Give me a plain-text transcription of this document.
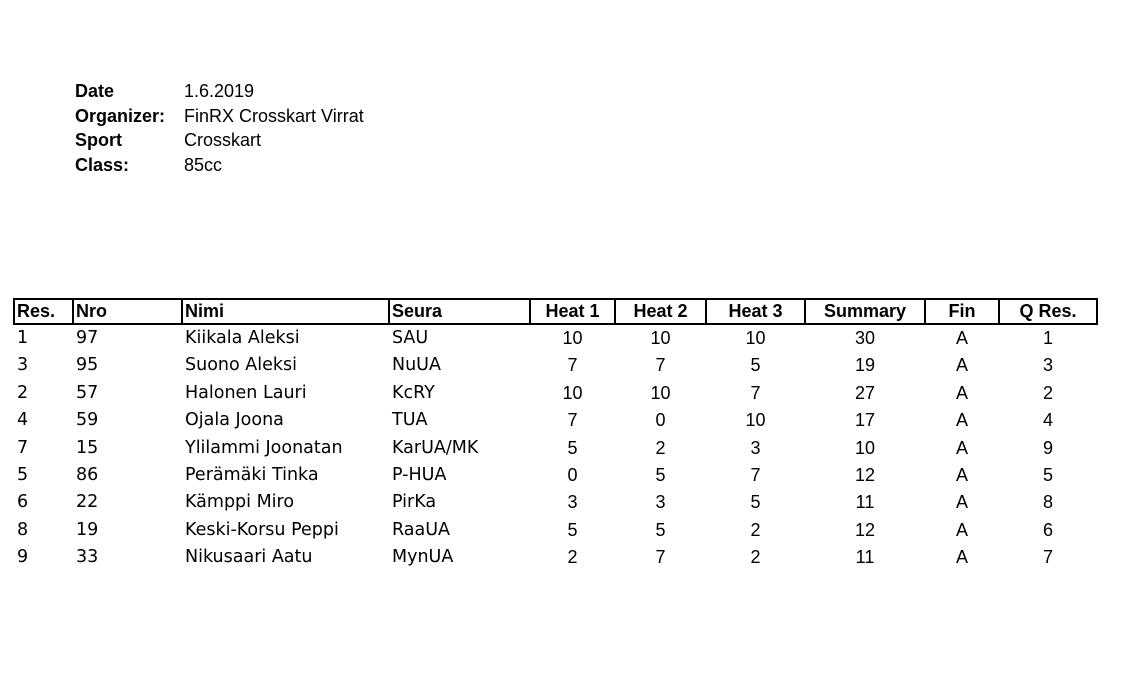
Date	1.6.2019
Organizer:	FinRX Crosskart Virrat
Sport	Crosskart
Class:	85cc
Res.	Nro	Nimi	Seura	Heat 1	Heat 2	Heat 3	Summary	Fin	Q Res.
1	97	Kiikala Aleksi	SAU	10	10	10	30	A	1
3	95	Suono Aleksi	NuUA	7	7	5	19	A	3
2	57	Halonen Lauri	KcRY	10	10	7	27	A	2
4	59	Ojala Joona	TUA	7	0	10	17	A	4
7	15	Ylilammi Joonatan	KarUA/MK	5	2	3	10	A	9
5	86	Perämäki Tinka	P-HUA	0	5	7	12	A	5
6	22	Kämppi Miro	PirKa	3	3	5	11	A	8
8	19	Keski-Korsu Peppi	RaaUA	5	5	2	12	A	6
9	33	Nikusaari Aatu	MynUA	2	7	2	11	A	7
